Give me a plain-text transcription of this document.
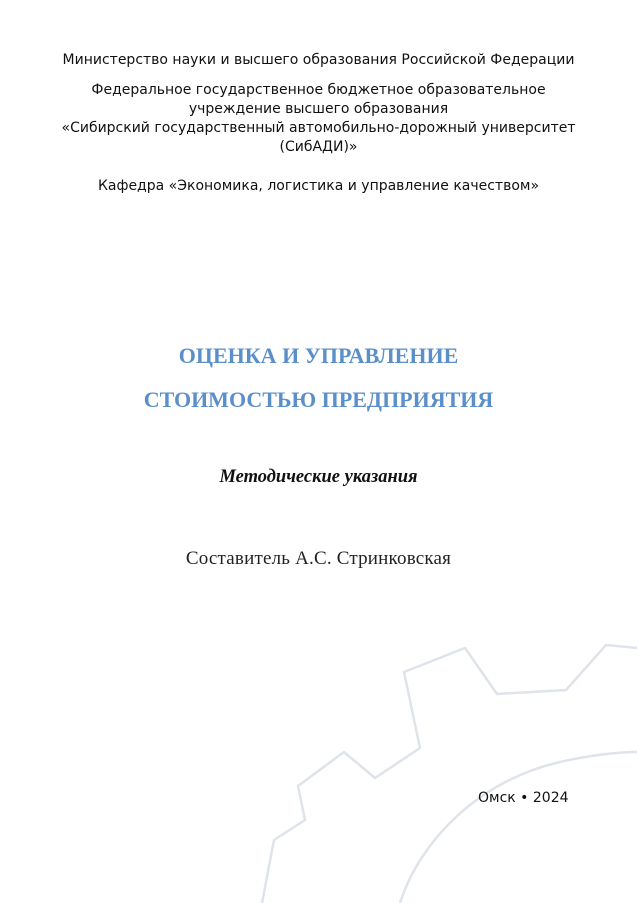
Министерство науки и высшего образования Российской Федерации
Федеральное государственное бюджетное образовательное
учреждение высшего образования
«Сибирский государственный автомобильно-дорожный университет
(СибАДИ)»
Кафедра «Экономика, логистика и управление качеством»
ОЦЕНКА И УПРАВЛЕНИЕ
СТОИМОСТЬЮ ПРЕДПРИЯТИЯ
Методические указания
Составитель А.С. Стринковская
Омск • 2024
